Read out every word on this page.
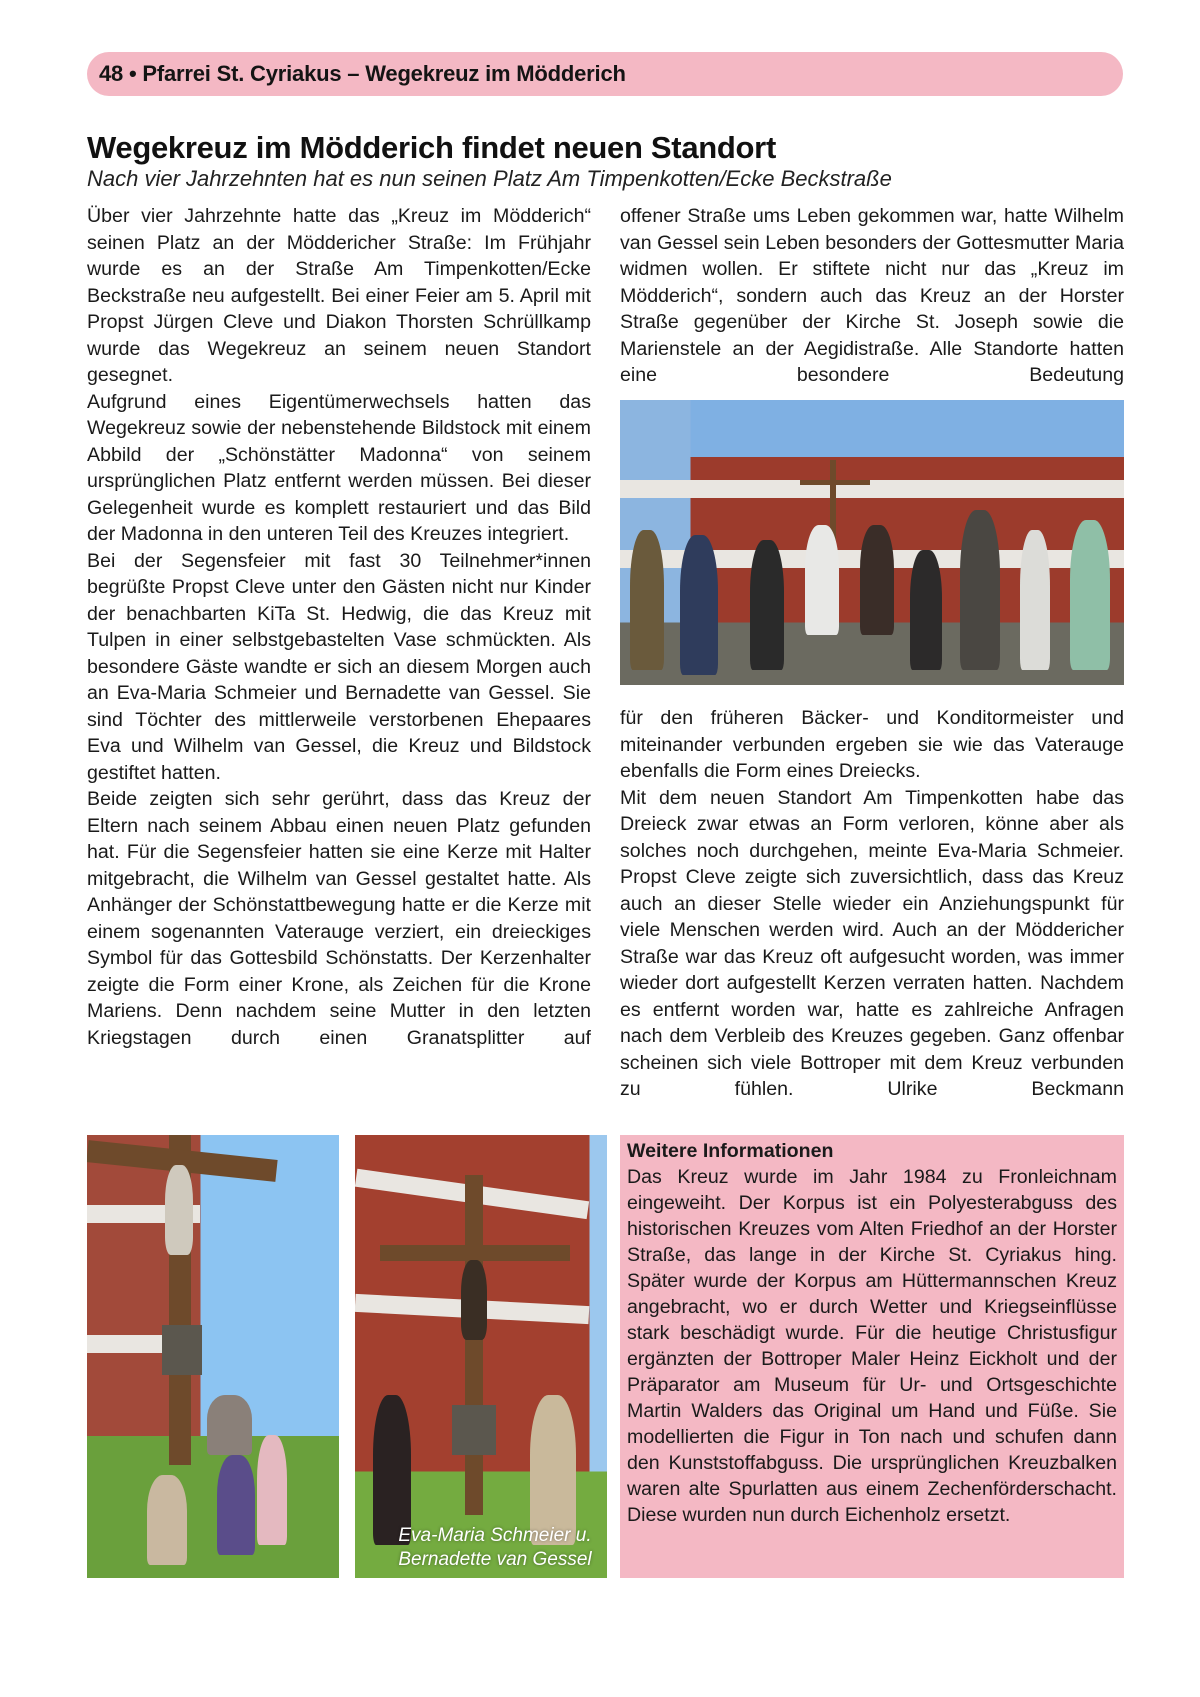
48 • Pfarrei St. Cyriakus – Wegekreuz im Mödderich
Wegekreuz im Mödderich findet neuen Standort

Nach vier Jahrzehnten hat es nun seinen Platz Am Timpenkotten/Ecke Beckstraße

Über vier Jahrzehnte hatte das „Kreuz im Mödderich“ seinen Platz an der Möddericher Straße: Im Frühjahr wurde es an der Straße Am Timpenkotten/Ecke Beckstraße neu aufgestellt. Bei einer Feier am 5. April mit Propst Jürgen Cleve und Diakon Thorsten Schrüllkamp wurde das Wegekreuz an seinem neuen Standort gesegnet.

Aufgrund eines Eigentümerwechsels hatten das Wegekreuz sowie der nebenstehende Bildstock mit einem Abbild der „Schönstätter Madonna“ von seinem ursprünglichen Platz entfernt werden müssen. Bei dieser Gelegenheit wurde es komplett restauriert und das Bild der Madonna in den unteren Teil des Kreuzes integriert.

Bei der Segensfeier mit fast 30 Teilnehmer*innen begrüßte Propst Cleve unter den Gästen nicht nur Kinder der benachbarten KiTa St. Hedwig, die das Kreuz mit Tulpen in einer selbstgebastelten Vase schmückten. Als besondere Gäste wandte er sich an diesem Morgen auch an Eva-Maria Schmeier und Bernadette van Gessel. Sie sind Töchter des mittlerweile verstorbenen Ehepaares Eva und Wilhelm van Gessel, die Kreuz und Bildstock gestiftet hatten.

Beide zeigten sich sehr gerührt, dass das Kreuz der Eltern nach seinem Abbau einen neuen Platz gefunden hat. Für die Segensfeier hatten sie eine Kerze mit Halter mitgebracht, die Wilhelm van Gessel gestaltet hatte. Als Anhänger der Schönstattbewegung hatte er die Kerze mit einem sogenannten Vaterauge verziert, ein dreieckiges Symbol für das Gottesbild Schönstatts. Der Kerzenhalter zeigte die Form einer Krone, als Zeichen für die Krone Mariens. Denn nachdem seine Mutter in den letzten Kriegstagen durch einen Granatsplitter auf

offener Straße ums Leben gekommen war, hatte Wilhelm van Gessel sein Leben besonders der Gottesmutter Maria widmen wollen. Er stiftete nicht nur das „Kreuz im Mödderich“, sondern auch das Kreuz an der Horster Straße gegenüber der Kirche St. Joseph sowie die Marienstele an der Aegidistraße. Alle Standorte hatten eine besondere Bedeutung

für den früheren Bäcker- und Konditormeister und miteinander verbunden ergeben sie wie das Vaterauge ebenfalls die Form eines Dreiecks.

Mit dem neuen Standort Am Timpenkotten habe das Dreieck zwar etwas an Form verloren, könne aber als solches noch durchgehen, meinte Eva-Maria Schmeier. Propst Cleve zeigte sich zuversichtlich, dass das Kreuz auch an dieser Stelle wieder ein Anziehungspunkt für viele Menschen werden wird. Auch an der Möddericher Straße war das Kreuz oft aufgesucht worden, was immer wieder dort aufgestellt Kerzen verraten hatten. Nachdem es entfernt worden war, hatte es zahlreiche Anfragen nach dem Verbleib des Kreuzes gegeben. Ganz offenbar scheinen sich viele Bottroper mit dem Kreuz verbunden zu fühlen. Ulrike Beckmann

Eva-Maria Schmeier u. Bernadette van Gessel
Weitere Informationen

Das Kreuz wurde im Jahr 1984 zu Fronleichnam eingeweiht. Der Korpus ist ein Polyesterabguss des historischen Kreuzes vom Alten Friedhof an der Horster Straße, das lange in der Kirche St. Cyriakus hing. Später wurde der Korpus am Hüttermannschen Kreuz angebracht, wo er durch Wetter und Kriegseinflüsse stark beschädigt wurde. Für die heutige Christusfigur ergänzten der Bottroper Maler Heinz Eickholt und der Präparator am Museum für Ur- und Ortsgeschichte Martin Walders das Original um Hand und Füße. Sie modellierten die Figur in Ton nach und schufen dann den Kunststoffabguss. Die ursprünglichen Kreuzbalken waren alte Spurlatten aus einem Zechenförderschacht. Diese wurden nun durch Eichenholz ersetzt.
